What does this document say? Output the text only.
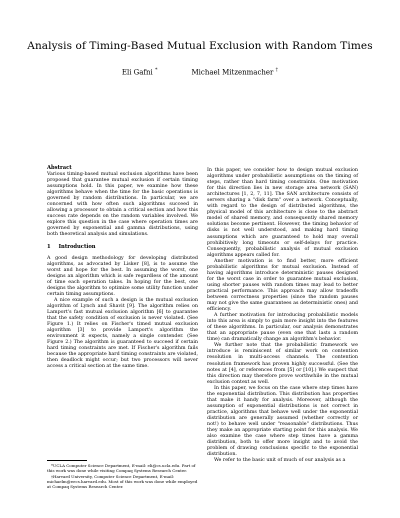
Analysis of Timing-Based Mutual Exclusion with Random Times
Eli Gafni *	Michael Mitzenmacher †
Abstract

Various timing-based mutual exclusion algorithms have been proposed that guarantee mutual exclusion if certain timing assumptions hold. In this paper, we examine how these algorithms behave when the time for the basic operations is governed by random distributions. In particular, we are concerned with how often such algorithms succeed in allowing a processor to obtain a critical section and how this success rate depends on the random variables involved. We explore this question in the case where operation times are governed by exponential and gamma distributions, using both theoretical analysis and simulations.

1 Introduction

A good design methodology for developing distributed algorithms, as advocated by Lisker [8], is to assume the worst and hope for the best. In assuming the worst, one designs an algorithm which is safe regardless of the amount of time each operation takes. In hoping for the best, one designs the algorithm to optimize some utility function under certain timing assumptions.

A nice example of such a design is the mutual exclusion algorithm of Lynch and Shavit [9]. The algorithm relies on Lamport's fast mutual exclusion algorithm [6] to guarantee that the safety condition of exclusion is never violated. (See Figure 1.) It relies on Fischer's timed mutual exclusion algorithm [3] to provide Lamport's algorithm the environment it expects, namely a single contender. (See Figure 2.) The algorithm is guaranteed to succeed if certain hard timing constraints are met. If Fischer's algorithm fails because the appropriate hard timing constraints are violated, then deadlock might occur; but two processors will never access a critical section at the same time.

*UCLA Computer Science Department, E-mail: eli@cs.ucla.edu. Part of this work was done while visiting Compaq Systems Research Center.

†Harvard University, Computer Science Department, E-mail: michaelm@eecs.harvard.edu. Most of this work was done while employed at Compaq Systems Research Center.

In this paper, we consider how to design mutual exclusion algorithms under probabilistic assumptions on the timing of steps, rather than hard timing constraints. One motivation for this direction lies in new storage area network (SAN) architectures [1, 2, 7, 11]. The SAN architecture consists of servers sharing a "disk farm" over a network. Conceptually, with regard to the design of distributed algorithms, the physical model of this architecture is close to the abstract model of shared memory, and consequently shared memory solutions become pertinent. However, the timing behavior of disks is not well understood, and making hard timing assumptions which are guaranteed to hold may overall prohibitively long timeouts or self-delays for practice. Consequently, probabilistic analysis of mutual exclusion algorithms appears called for.

Another motivation is to find better, more efficient probabilistic algorithms for mutual exclusion. Instead of having algorithms introduce deterministic pauses designed for the worst case in order to guarantee mutual exclusion, using shorter pauses with random times may lead to better practical performance. This approach may allow tradeoffs between correctness properties (since the random pauses may not give the same guarantees as deterministic ones) and efficiency.

A further motivation for introducing probabilistic models into this area is simply to gain more insight into the features of these algorithms. In particular, our analysis demonstrates that an appropriate pause (even one that lasts a random time) can dramatically change an algorithm's behavior.

We further note that the probabilistic framework we introduce is reminiscent of similar work on contention resolution in multi-access channels. The contention resolution framework has proven highly successful. (See the notes at [4], or references from [5] or [10].) We suspect that this direction may therefore prove worthwhile in the mutual exclusion context as well.

In this paper, we focus on the case where step times have the exponential distribution. This distribution has properties that make it handy for analysis. Moreover, although the assumption of exponential distributions is not correct in practice, algorithms that behave well under the exponential distribution are generally assumed (whether correctly or not!) to behave well under "reasonable" distributions. Thus they make an appropriate starting point for this analysis. We also examine the case where step times have a gamma distribution, both to offer more insight and to avoid the problem of drawing conclusions specific to the exponential distribution.

We refer to the basic unit of much of our analysis as a
